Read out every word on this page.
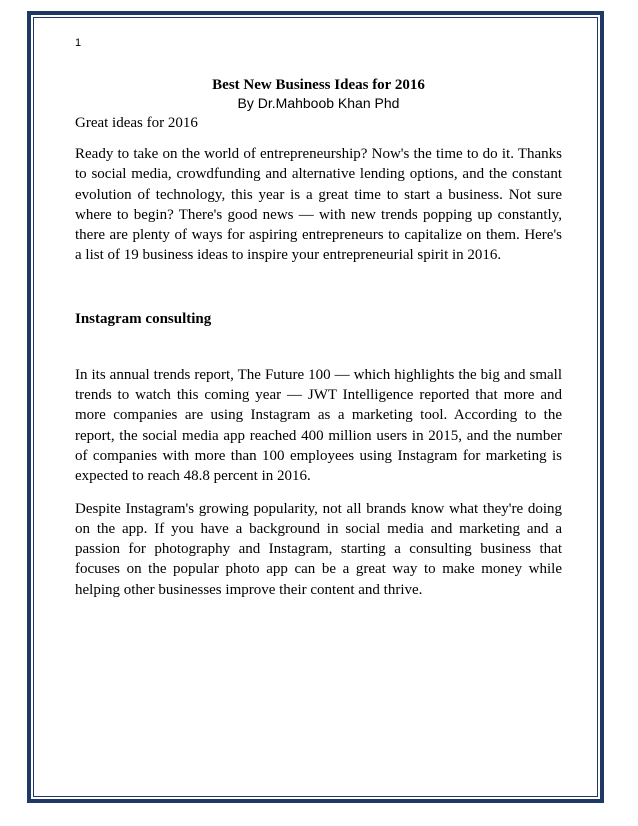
1
Best New Business Ideas for 2016
By Dr.Mahboob Khan Phd
Great ideas for 2016

Ready to take on the world of entrepreneurship? Now's the time to do it. Thanks to social media, crowdfunding and alternative lending options, and the constant evolution of technology, this year is a great time to start a business. Not sure where to begin? There's good news — with new trends popping up constantly, there are plenty of ways for aspiring entrepreneurs to capitalize on them. Here's a list of 19 business ideas to inspire your entrepreneurial spirit in 2016.

Instagram consulting

In its annual trends report, The Future 100 — which highlights the big and small trends to watch this coming year — JWT Intelligence reported that more and more companies are using Instagram as a marketing tool. According to the report, the social media app reached 400 million users in 2015, and the number of companies with more than 100 employees using Instagram for marketing is expected to reach 48.8 percent in 2016.

Despite Instagram's growing popularity, not all brands know what they're doing on the app. If you have a background in social media and marketing and a passion for photography and Instagram, starting a consulting business that focuses on the popular photo app can be a great way to make money while helping other businesses improve their content and thrive.
